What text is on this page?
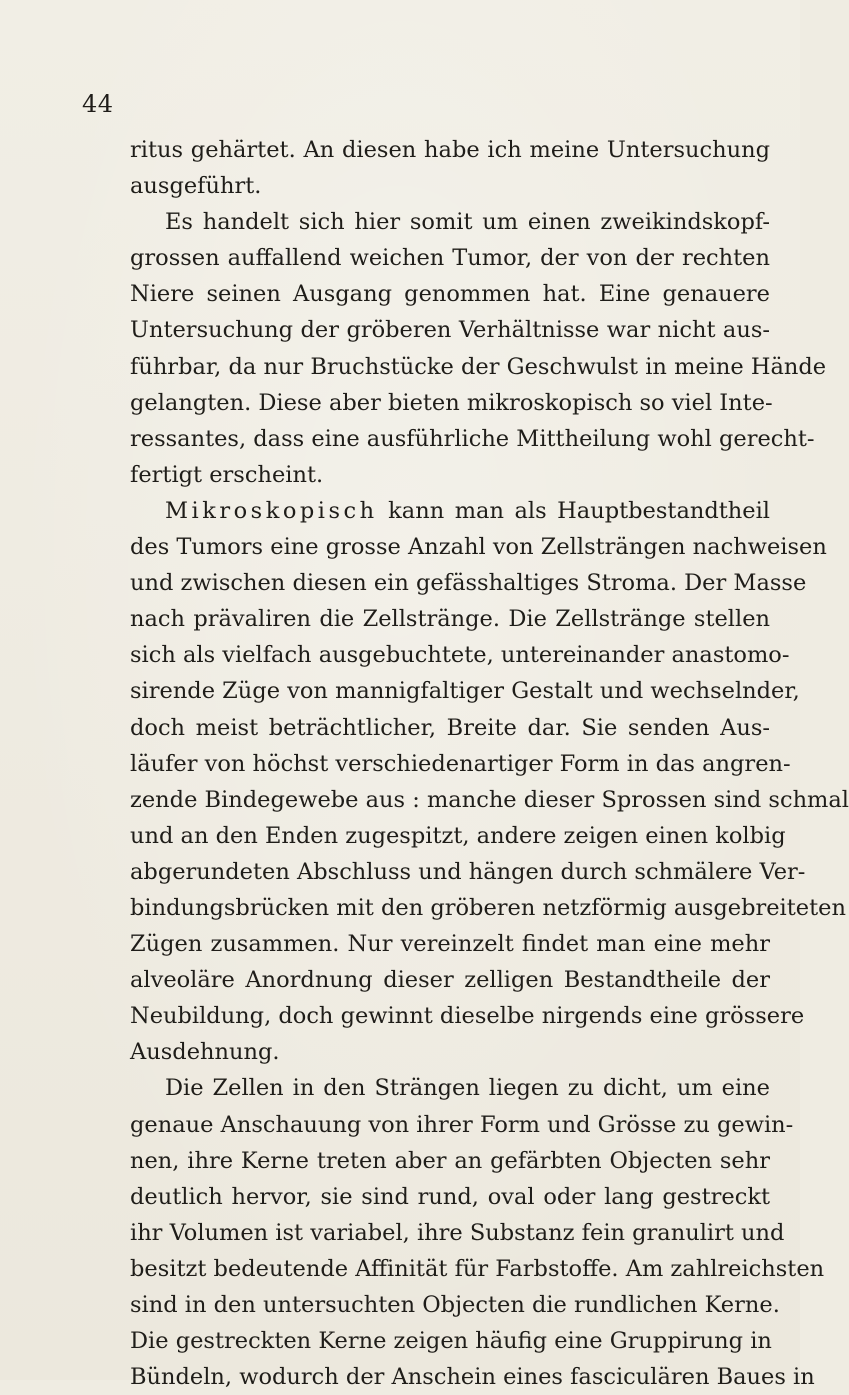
44
ritus gehärtet. An diesen habe ich meine Untersuchung
ausgeführt.
Es handelt sich hier somit um einen zweikindskopf-
grossen auffallend weichen Tumor, der von der rechten
Niere seinen Ausgang genommen hat. Eine genauere
Untersuchung der gröberen Verhältnisse war nicht aus-
führbar, da nur Bruchstücke der Geschwulst in meine Hände
gelangten. Diese aber bieten mikroskopisch so viel Inte-
ressantes, dass eine ausführliche Mittheilung wohl gerecht-
fertigt erscheint.
Mikroskopisch kann man als Hauptbestandtheil
des Tumors eine grosse Anzahl von Zellsträngen nachweisen
und zwischen diesen ein gefässhaltiges Stroma. Der Masse
nach prävaliren die Zellstränge. Die Zellstränge stellen
sich als vielfach ausgebuchtete, untereinander anastomo-
sirende Züge von mannigfaltiger Gestalt und wechselnder,
doch meist beträchtlicher, Breite dar. Sie senden Aus-
läufer von höchst verschiedenartiger Form in das angren-
zende Bindegewebe aus : manche dieser Sprossen sind schmal
und an den Enden zugespitzt, andere zeigen einen kolbig
abgerundeten Abschluss und hängen durch schmälere Ver-
bindungsbrücken mit den gröberen netzförmig ausgebreiteten
Zügen zusammen. Nur vereinzelt findet man eine mehr
alveoläre Anordnung dieser zelligen Bestandtheile der
Neubildung, doch gewinnt dieselbe nirgends eine grössere
Ausdehnung.
Die Zellen in den Strängen liegen zu dicht, um eine
genaue Anschauung von ihrer Form und Grösse zu gewin-
nen, ihre Kerne treten aber an gefärbten Objecten sehr
deutlich hervor, sie sind rund, oval oder lang gestreckt
ihr Volumen ist variabel, ihre Substanz fein granulirt und
besitzt bedeutende Affinität für Farbstoffe. Am zahlreichsten
sind in den untersuchten Objecten die rundlichen Kerne.
Die gestreckten Kerne zeigen häufig eine Gruppirung in
Bündeln, wodurch der Anschein eines fasciculären Baues in
